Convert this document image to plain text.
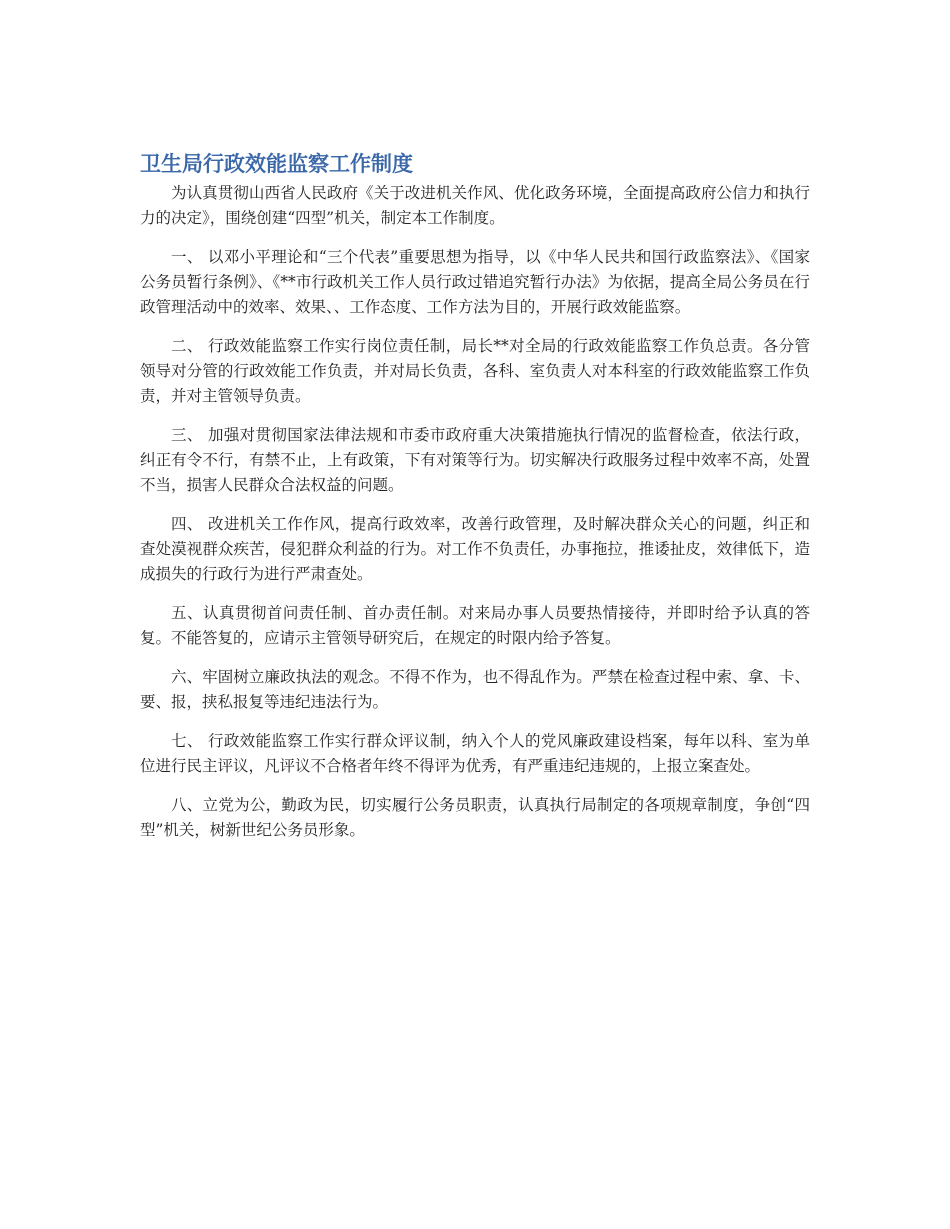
卫生局行政效能监察工作制度

为认真贯彻山西省人民政府《关于改进机关作风、优化政务环境，全面提高政府公信力和执行力的决定》，围绕创建“四型”机关，制定本工作制度。

一、 以邓小平理论和“三个代表”重要思想为指导，以《中华人民共和国行政监察法》、《国家公务员暂行条例》、《**市行政机关工作人员行政过错追究暂行办法》为依据，提高全局公务员在行政管理活动中的效率、效果、、工作态度、工作方法为目的，开展行政效能监察。

二、 行政效能监察工作实行岗位责任制，局长**对全局的行政效能监察工作负总责。各分管领导对分管的行政效能工作负责，并对局长负责，各科、室负责人对本科室的行政效能监察工作负责，并对主管领导负责。

三、 加强对贯彻国家法律法规和市委市政府重大决策措施执行情况的监督检查，依法行政，纠正有令不行，有禁不止，上有政策，下有对策等行为。切实解决行政服务过程中效率不高，处置不当，损害人民群众合法权益的问题。

四、 改进机关工作作风，提高行政效率，改善行政管理，及时解决群众关心的问题，纠正和查处漠视群众疾苦，侵犯群众利益的行为。对工作不负责任，办事拖拉，推诿扯皮，效律低下，造成损失的行政行为进行严肃查处。

五、认真贯彻首问责任制、首办责任制。对来局办事人员要热情接待，并即时给予认真的答复。不能答复的，应请示主管领导研究后，在规定的时限内给予答复。

六、牢固树立廉政执法的观念。不得不作为，也不得乱作为。严禁在检查过程中索、拿、卡、要、报，挟私报复等违纪违法行为。

七、 行政效能监察工作实行群众评议制，纳入个人的党风廉政建设档案，每年以科、室为单位进行民主评议，凡评议不合格者年终不得评为优秀，有严重违纪违规的，上报立案查处。

八、立党为公，勤政为民，切实履行公务员职责，认真执行局制定的各项规章制度，争创“四型”机关，树新世纪公务员形象。
